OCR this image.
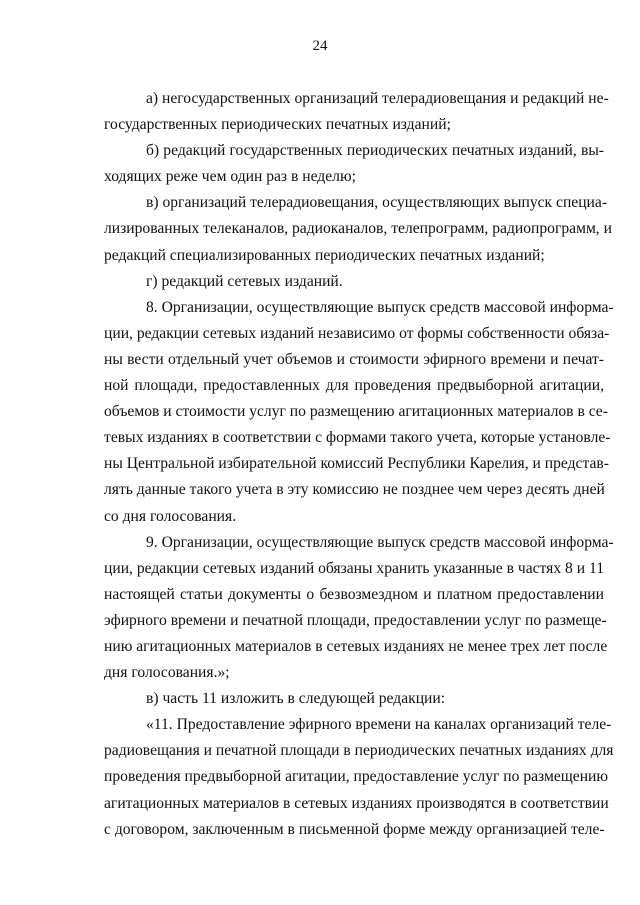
24
а) негосударственных организаций телерадиовещания и редакций не-
государственных периодических печатных изданий;
б) редакций государственных периодических печатных изданий, вы-
ходящих реже чем один раз в неделю;
в) организаций телерадиовещания, осуществляющих выпуск специа-
лизированных телеканалов, радиоканалов, телепрограмм, радиопрограмм, и
редакций специализированных периодических печатных изданий;
г) редакций сетевых изданий.
8. Организации, осуществляющие выпуск средств массовой информа-
ции, редакции сетевых изданий независимо от формы собственности обяза-
ны вести отдельный учет объемов и стоимости эфирного времени и печат-
ной площади, предоставленных для проведения предвыборной агитации,
объемов и стоимости услуг по размещению агитационных материалов в се-
тевых изданиях в соответствии с формами такого учета, которые установле-
ны Центральной избирательной комиссий Республики Карелия, и представ-
лять данные такого учета в эту комиссию не позднее чем через десять дней
со дня голосования.
9. Организации, осуществляющие выпуск средств массовой информа-
ции, редакции сетевых изданий обязаны хранить указанные в частях 8 и 11
настоящей статьи документы о безвозмездном и платном предоставлении
эфирного времени и печатной площади, предоставлении услуг по размеще-
нию агитационных материалов в сетевых изданиях не менее трех лет после
дня голосования.»;
в) часть 11 изложить в следующей редакции:
«11. Предоставление эфирного времени на каналах организаций теле-
радиовещания и печатной площади в периодических печатных изданиях для
проведения предвыборной агитации, предоставление услуг по размещению
агитационных материалов в сетевых изданиях производятся в соответствии
с договором, заключенным в письменной форме между организацией теле-
